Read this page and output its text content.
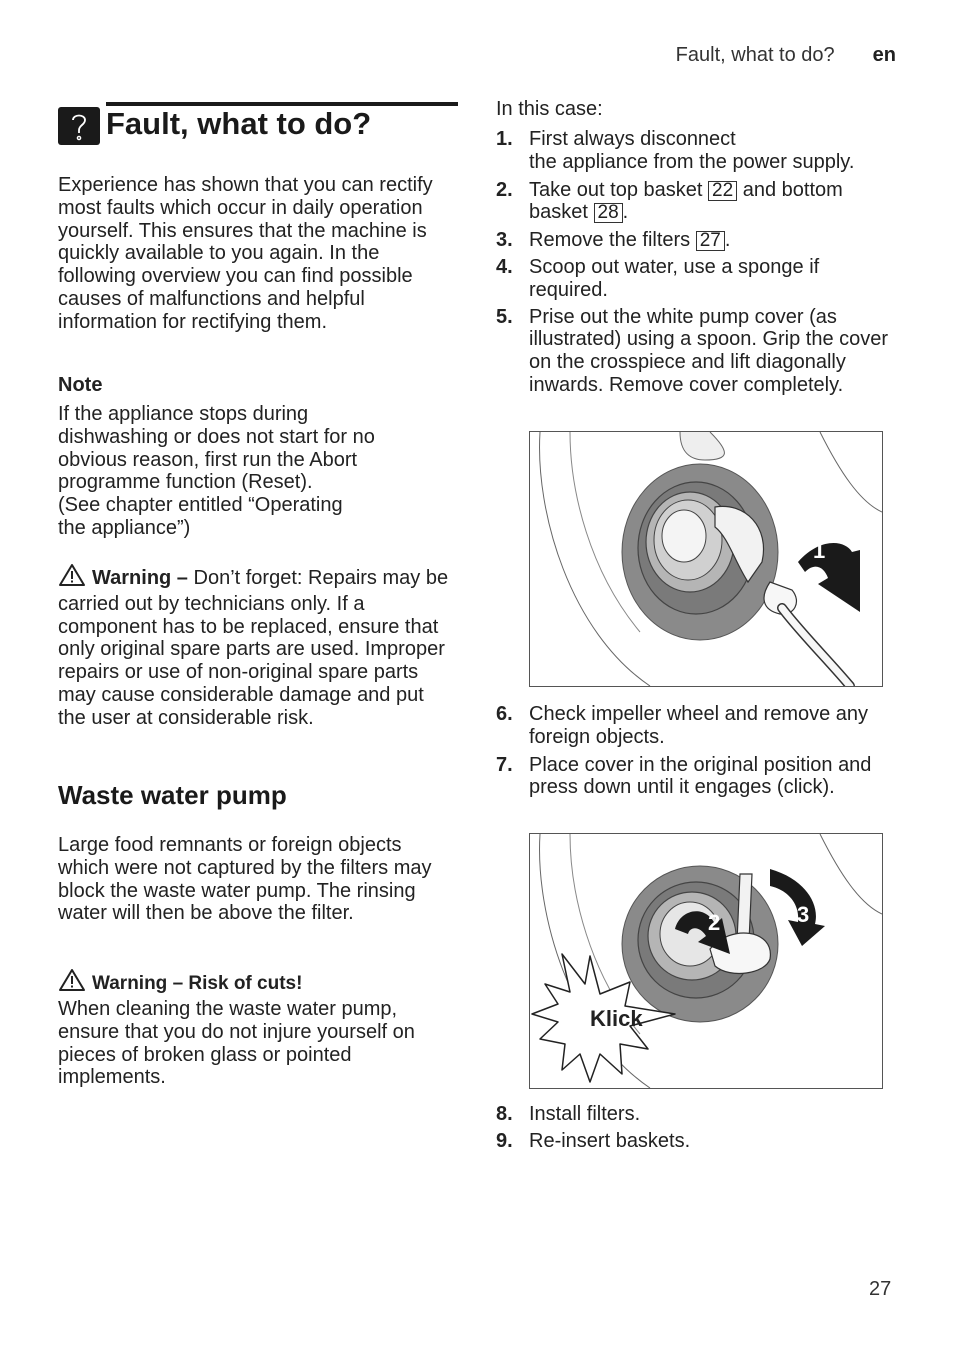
Fault, what to do? en
Fault, what to do?

Experience has shown that you can rectify most faults which occur in daily operation yourself. This ensures that the machine is quickly available to you again. In the following overview you can find possible causes of malfunctions and helpful information for rectifying them.

Note

If the appliance stops during
dishwashing or does not start for no
obvious reason, first run the Abort
programme function (Reset).
(See chapter entitled “Operating
the appliance”)

Warning – Don’t forget: Repairs may be carried out by technicians only. If a component has to be replaced, ensure that only original spare parts are used. Improper repairs or use of non-original spare parts may cause considerable damage and put the user at considerable risk.

Waste water pump

Large food remnants or foreign objects which were not captured by the filters may block the waste water pump. The rinsing water will then be above the filter.

Warning – Risk of cuts!

When cleaning the waste water pump, ensure that you do not injure yourself on pieces of broken glass or pointed implements.

In this case:

1. First always disconnect
the appliance from the power supply.
2. Take out top basket 22 and bottom
basket 28 .
3. Remove the filters 27 .
4. Scoop out water, use a sponge if required.
5. Prise out the white pump cover (as illustrated) using a spoon. Grip the cover on the crosspiece and lift diagonally inwards. Remove cover completely.
1
6. Check impeller wheel and remove any foreign objects.
7. Place cover in the original position and press down until it engages (click).
2	3
Klick
8. Install filters.
9. Re-insert baskets.
27
